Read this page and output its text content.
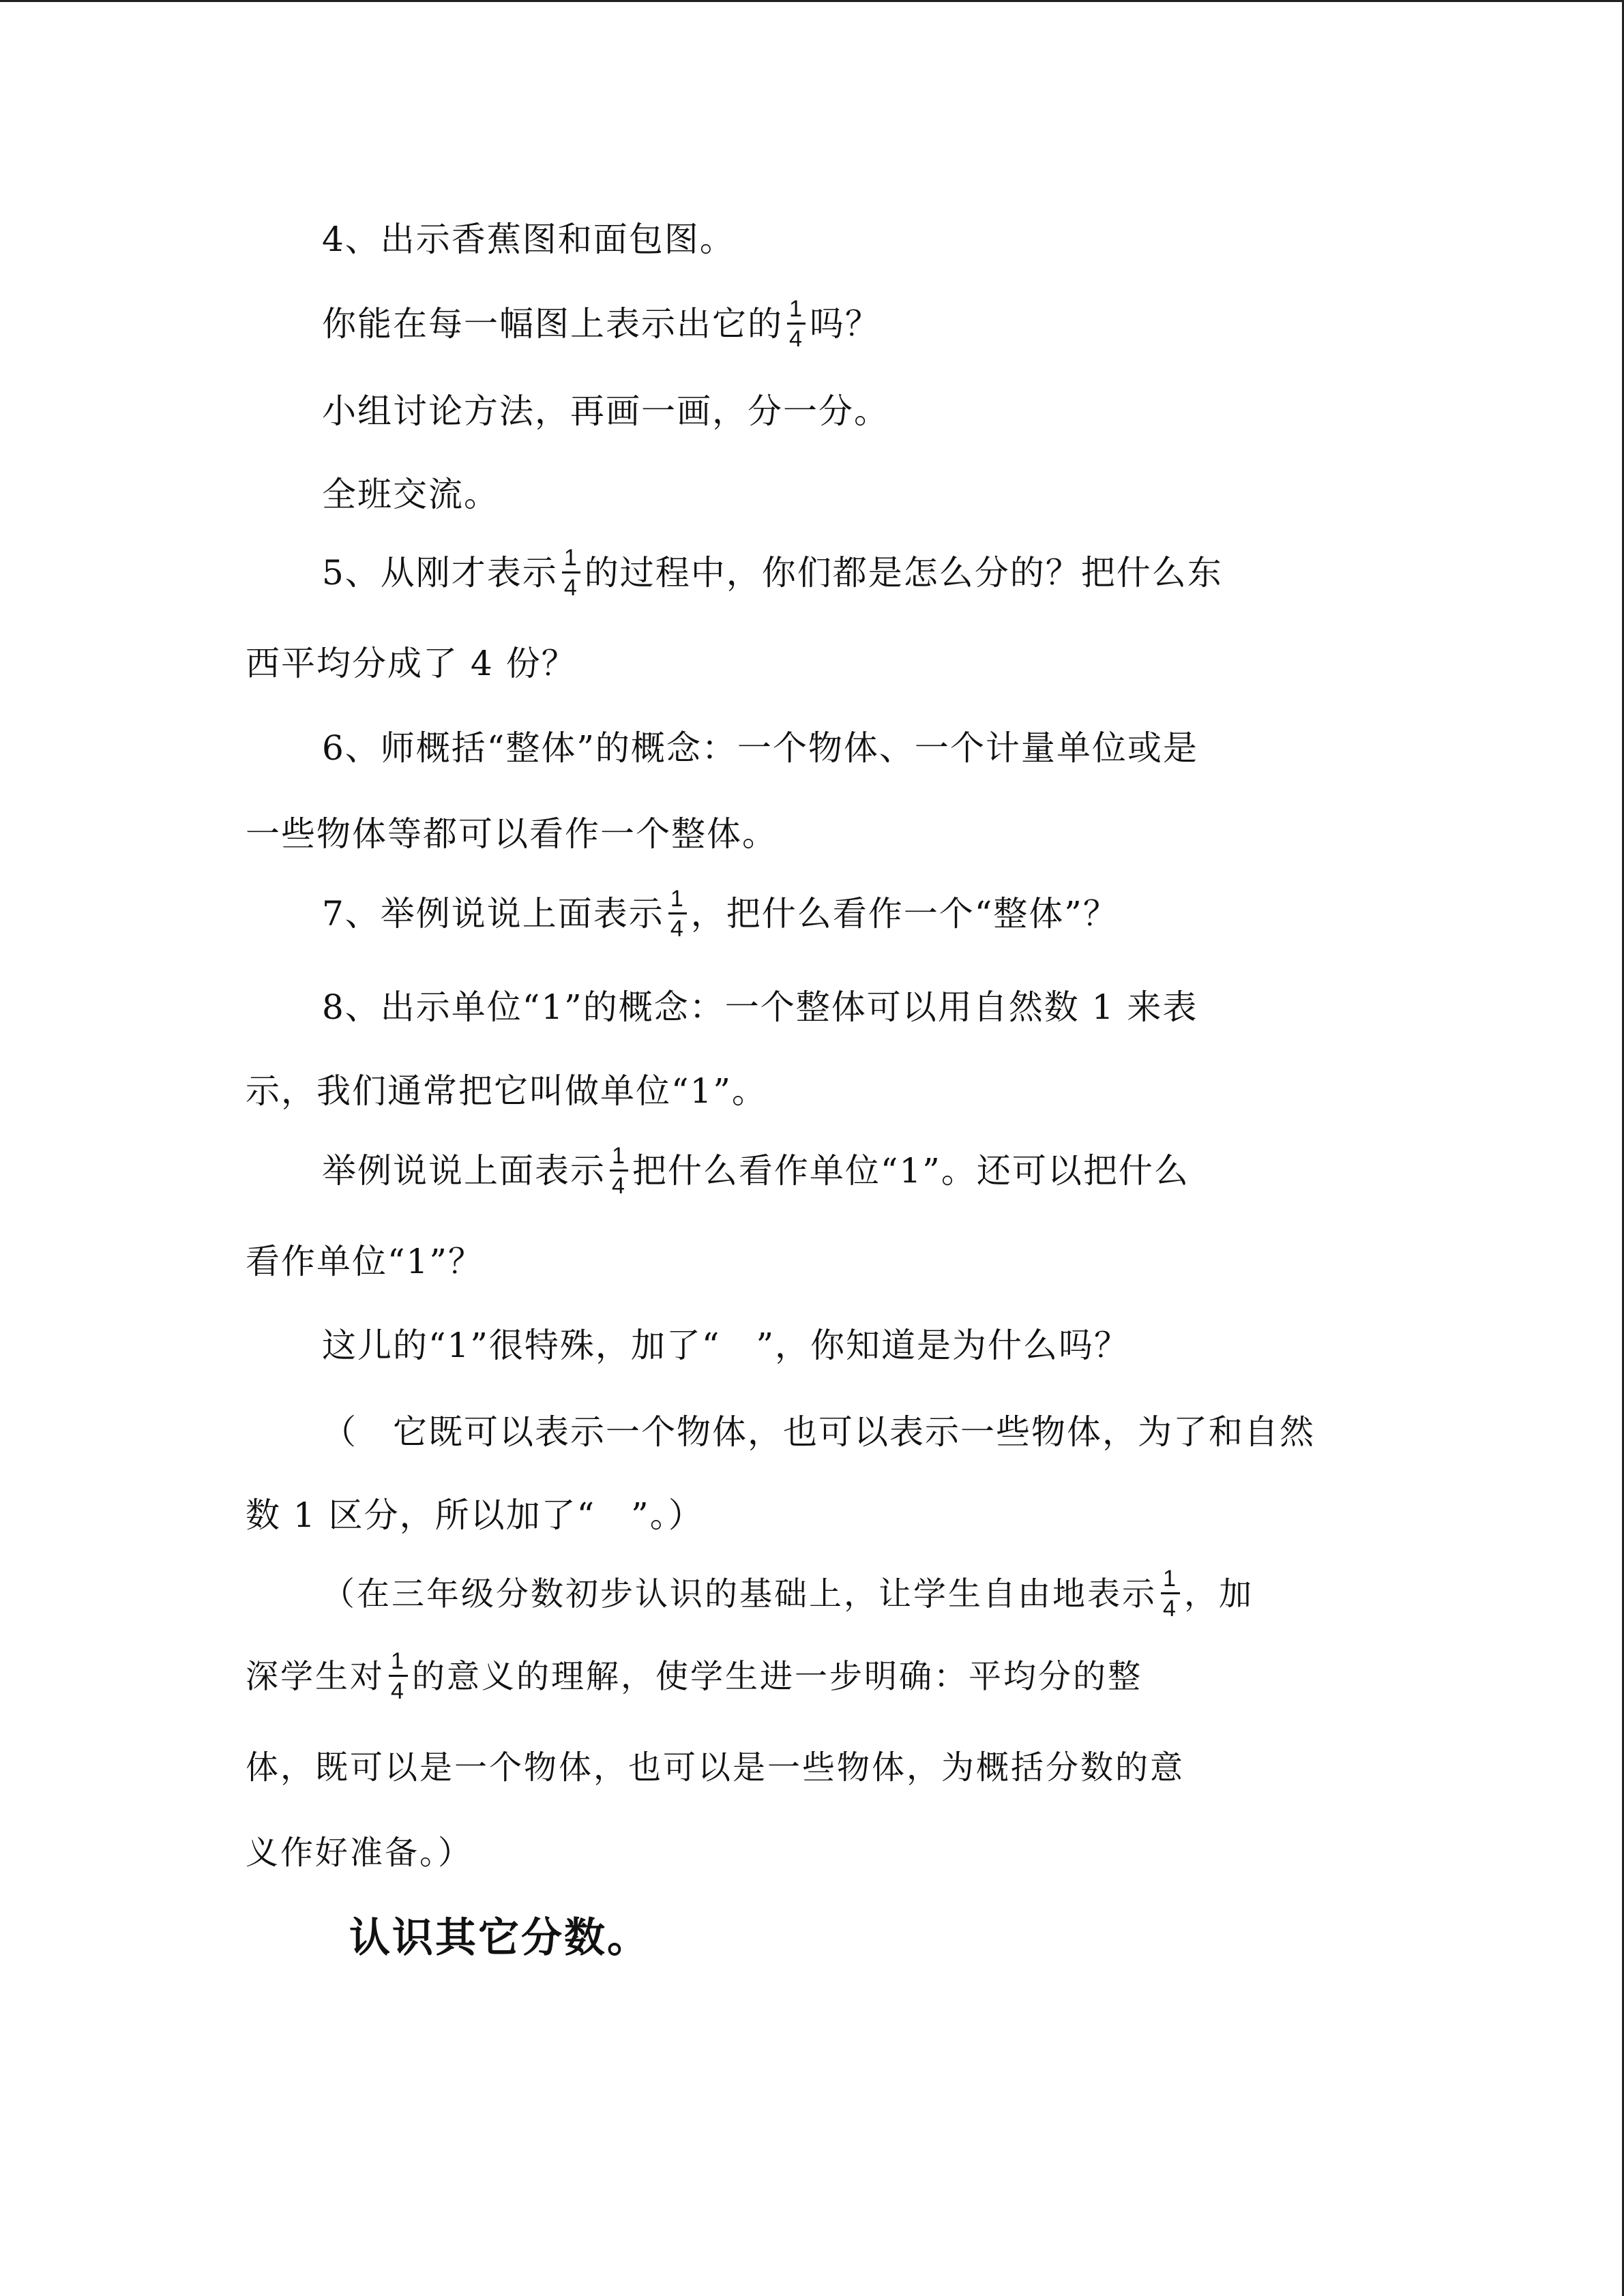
4、出示香蕉图和面包图。
你能在每一幅图上表示出它的 $\frac{1}{4}$ 吗？
小组讨论方法，再画一画，分一分。
全班交流。
5、从刚才表示 $\frac{1}{4}$ 的过程中，你们都是怎么分的？把什么东
西平均分成了 4 份？
6、师概括“整体”的概念：一个物体、一个计量单位或是
一些物体等都可以看作一个整体。
7、举例说说上面表示 $\frac{1}{4}$ ，把什么看作一个“整体”？
8、出示单位“1”的概念：一个整体可以用自然数 1 来表
示，我们通常把它叫做单位“1”。
举例说说上面表示 $\frac{1}{4}$ 把什么看作单位“1”。还可以把什么
看作单位“1”？
这儿的“1”很特殊，加了“　”，你知道是为什么吗？
（　它既可以表示一个物体，也可以表示一些物体，为了和自然
数 1 区分，所以加了“　”。）
（在三年级分数初步认识的基础上，让学生自由地表示 $\frac{1}{4}$ ，加
深学生对 $\frac{1}{4}$ 的意义的理解，使学生进一步明确：平均分的整
体，既可以是一个物体，也可以是一些物体，为概括分数的意
义作好准备。）
认识其它分数。
